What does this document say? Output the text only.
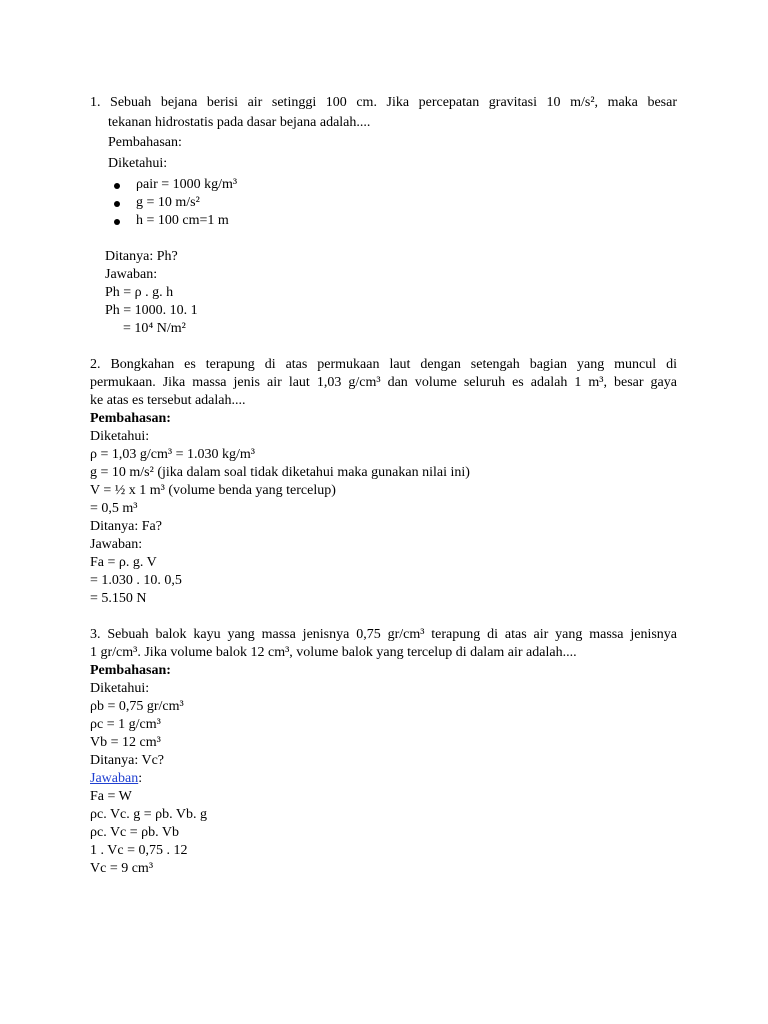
1. Sebuah bejana berisi air setinggi 100 cm. Jika percepatan gravitasi 10 m/s², maka besar
tekanan hidrostatis pada dasar bejana adalah....
Pembahasan:
Diketahui:
ρair = 1000 kg/m³
g = 10 m/s²
h = 100 cm=1 m
Ditanya: Ph?
Jawaban:
Ph = ρ . g. h
Ph = 1000. 10. 1
= 10⁴ N/m²
2. Bongkahan es terapung di atas permukaan laut dengan setengah bagian yang muncul di
permukaan. Jika massa jenis air laut 1,03 g/cm³ dan volume seluruh es adalah 1 m³, besar gaya
ke atas es tersebut adalah....
Pembahasan:
Diketahui:
ρ = 1,03 g/cm³ = 1.030 kg/m³
g = 10 m/s² (jika dalam soal tidak diketahui maka gunakan nilai ini)
V = ½ x 1 m³ (volume benda yang tercelup)
= 0,5 m³
Ditanya: Fa?
Jawaban:
Fa = ρ. g. V
= 1.030 . 10. 0,5
= 5.150 N
3. Sebuah balok kayu yang massa jenisnya 0,75 gr/cm³ terapung di atas air yang massa jenisnya
1 gr/cm³. Jika volume balok 12 cm³, volume balok yang tercelup di dalam air adalah....
Pembahasan:
Diketahui:
ρb = 0,75 gr/cm³
ρc = 1 g/cm³
Vb = 12 cm³
Ditanya: Vc?
Jawaban:
Fa = W
ρc. Vc. g = ρb. Vb. g
ρc. Vc = ρb. Vb
1 . Vc = 0,75 . 12
Vc = 9 cm³
